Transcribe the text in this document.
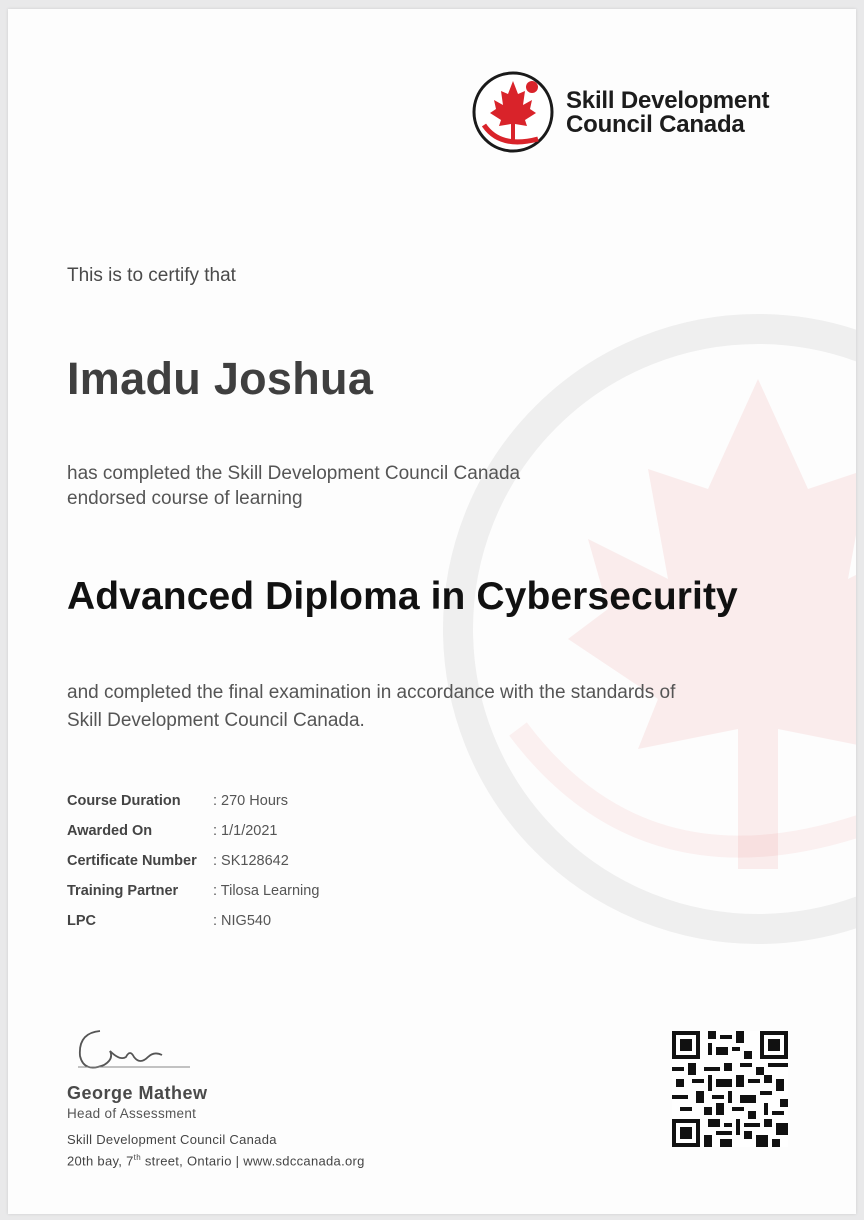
Skill Development
Council Canada
This is to certify that
Imadu Joshua
has completed the Skill Development Council Canada
endorsed course of learning
Advanced Diploma in Cybersecurity
and completed the final examination in accordance with the standards of
Skill Development Council Canada.
Course Duration	: 270 Hours
Awarded On	: 1/1/2021
Certificate Number	: SK128642
Training Partner	: Tilosa Learning
LPC	: NIG540
George Mathew
Head of Assessment
Skill Development Council Canada
20th bay, 7th street, Ontario | www.sdccanada.org
